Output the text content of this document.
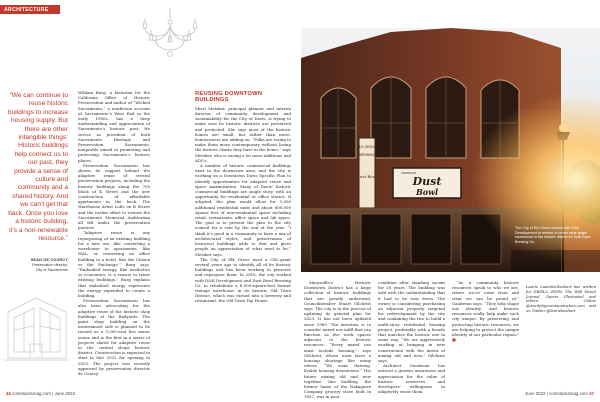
ARCHITECTURE
“We can continue to reuse historic buildings to increase housing supply. But there are other intangible things: Historic buildings help connect us to our past, they provide a sense of culture and community and a shared history. And we can’t get that back. Once you lose a historic building, it’s a non-renewable resource.”
SEAN DE COURCY
Preservation director,
City of Sacramento

William Burg, a historian for the California Office of Historic Preservation and author of “Wicked Sacramento,” a nonfiction account of Sacramento’s West End in the early 1900s, has a deep understanding and appreciation of Sacramento’s historic past. He serves as president of both Sacramento Heritage and Preservation Sacramento, nonprofits aimed at promoting and protecting Sacramento’s historic places.

Preservation Sacramento has shown its support behind the adaptive reuse of several preservation projects, including the historic buildings along the 700 block of K Street and the new construction of affordable apartments in the back. The Warehouse Artist Lofts on R Street and the earlier effort to restore the Sacramento Memorial Auditorium all fell under the preservation purview.

“Adaptive reuse is any repurposing of an existing building for a new use, like converting a warehouse to apartments, like WAL, or converting an office building to a hotel, like the Citizen or the Exchange,” Burg says. “Embodied energy, like aesthetics or economics, is a reason to reuse existing buildings.” Burg explains that embodied energy represents the energy expended to create a building.

Preservation Sacramento has also been advocating for the adaptive reuse of the historic shop buildings at the Railyards. The paint shop building on the easternmost side is planned to be reused as a 5,000-seat live music venue and is the first in a series of projects slated for adaptive reuse in the central shops historic district. Construction is expected to start in late 2022 for opening in 2023. The project was recently approved by preservation director de Courcy.

REUSING DOWNTOWN
BUILDINGS

Sheri Metzker, principal planner and interim director of community development and sustainability for the City of Davis, is trying to make sure its historic districts are preserved and protected. She says most of the historic homes are small, but rather than move, homeowners are adding on. “Folks are trying to make them more contemporary without losing the historic charm they have in the home,” says Metzker, who is seeing a lot more additions and ADUs.

A number of historic commercial buildings exist in the downtown area, and the city is working on a Downtown Davis Specific Plan to identify opportunities for adaptive reuse and space maximization. Many of Davis’ historic commercial buildings are single story, with an opportunity for residential or office stories. If adopted, the plan would allow for 1,000 additional residential units and about 600,000 square feet of non-residential space including retail, restaurants, office space and lab space. The goal is to present the plan to the city council for a vote by the end of the year. “I think it’s good in a community to have a mix of architectural styles, and preservation of historical buildings adds to that and gives people an appreciation of what used to be,” Metzker says.

The City of Elk Grove used a CEL-grant several years ago to identify all of its historic buildings and has been working to preserve and repurpose them. In 2016, the city worked with D&K Development and Dust Bowl Brewing Co. to rehabilitate a 6,000-square-foot former vintage warehouse in its historic Old Town District, which was turned into a brewery and restaurant, the Old Town Tap House.

46 comstocksmag.com | June 2022
The City of Elk Grove worked with D&K Development to restore a former wine grape warehouse in the historic district for Dust Bowl Brewing Co.

Marysville’s Historic Downtown District has a large collection of historic buildings that are greatly underused, Councilmember Stuart Gilchrist says. The city is in the process of updating its general plan for 2023. It has not been updated since 1985. The intention is to consider mixed use infill that can function as live work spaces adjacent to the historic resources. “Every mixed use must include housing,” says Gilchrist, whose town faces a housing shortage like many others. “We want thriving, livable housing downtowns.” The future mixing old and new together. One building, the former home of the Nakagawa Company grocery store built in 1857, was in poor

condition after standing vacant for 20 years. The building was sold with the understanding that it had to be torn down. The owner is considering purchasing an adjacent property targeted for redevelopment by the city and combining the two to build a multi-story residential housing project, preferably with a facade that matches the historic one in some way. “We are aggressively working at bringing in new construction with the intent of mixing old and new,” Gilchrist says.

Architect Gaudreau has noticed a greater awareness and appreciation for the value of historic resources and developers’ willingness to adaptively reuse them.

“As a community historic resources speak to who we are, where we’ve come from and what we can be proud of,” Gaudreau says. “They help shape our identity. And historic resources really help make each city unique. By preserving and protecting historic resources, we are helping to protect the unique identity of our particular region.” ■

Laurie Lauletta-Boshart has written for DWELL, ESPN, The Wall Street Journal, Sports Illustrated and others. Online @wordplaycommunication.com and on Twitter @lauriebashart.

June 2022 | comstocksmag.com 47
